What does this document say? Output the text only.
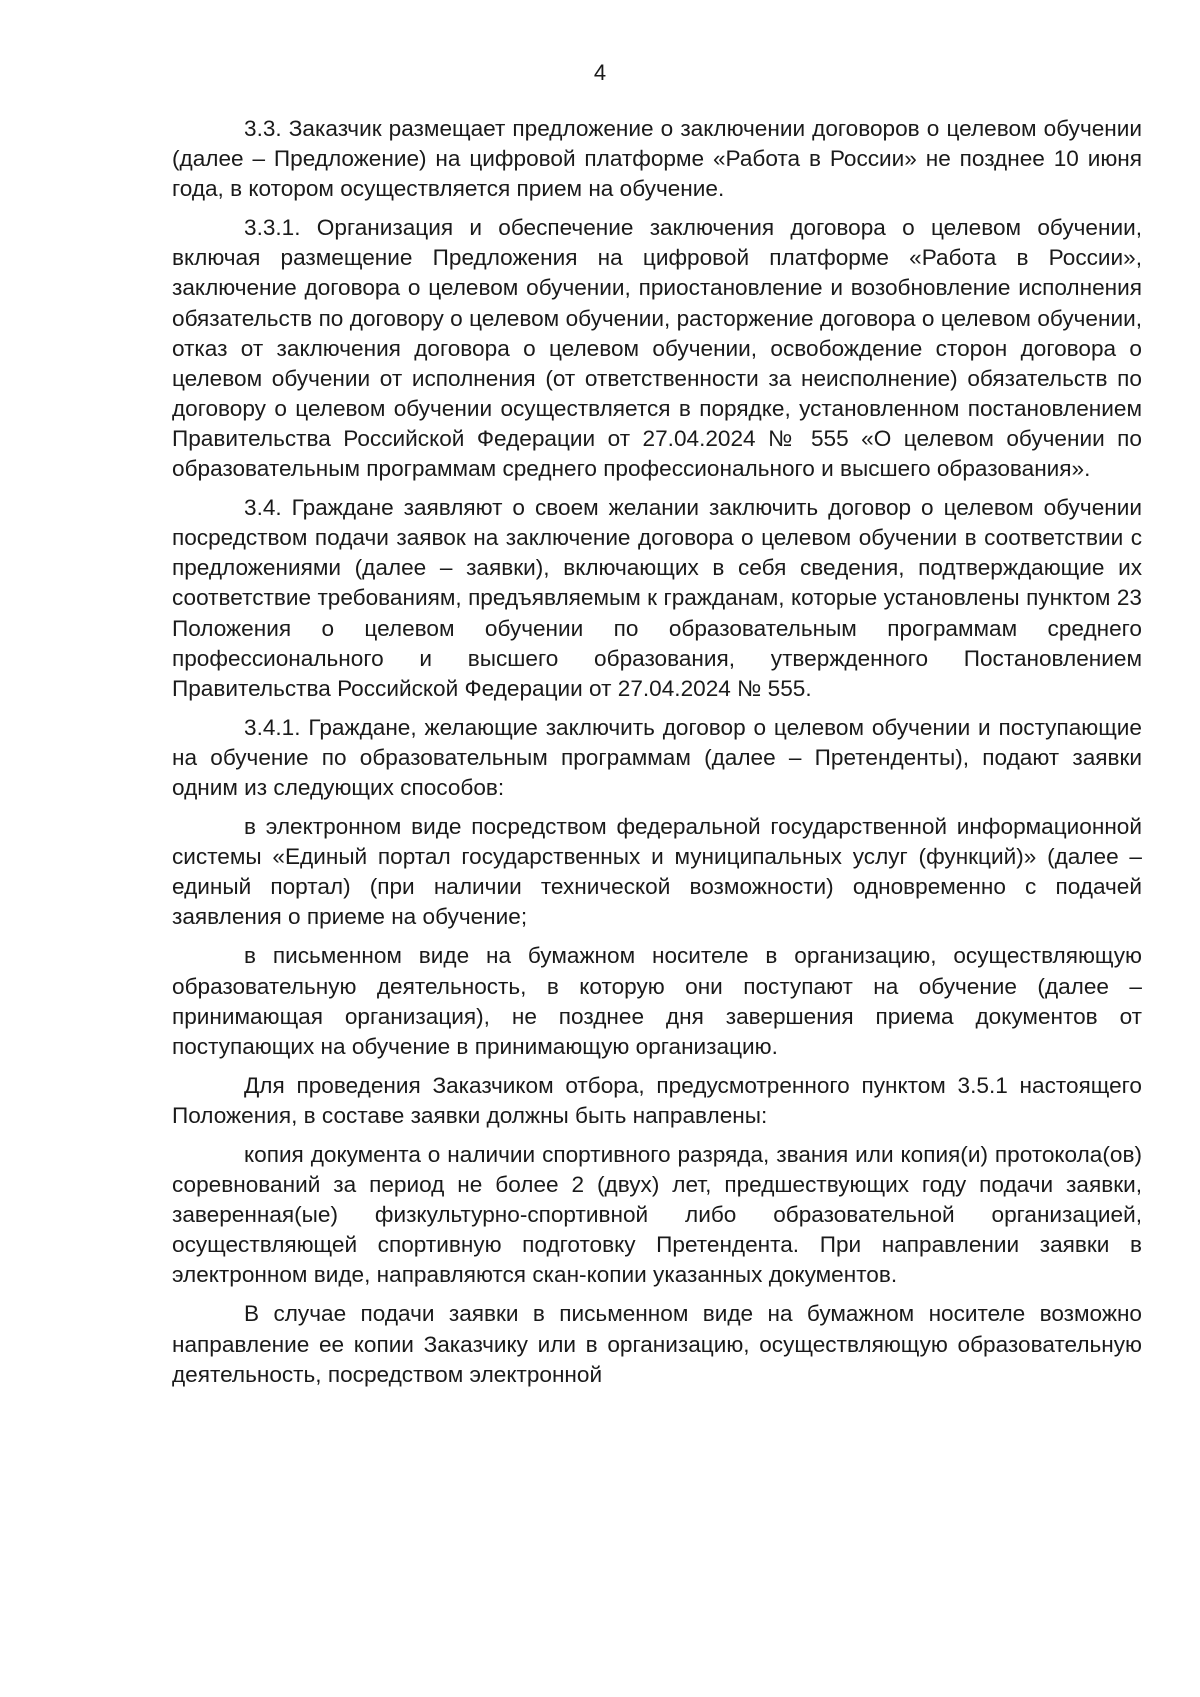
4

3.3. Заказчик размещает предложение о заключении договоров о целевом обучении (далее – Предложение) на цифровой платформе «Работа в России» не позднее 10 июня года, в котором осуществляется прием на обучение.

3.3.1. Организация и обеспечение заключения договора о целевом обучении, включая размещение Предложения на цифровой платформе «Работа в России», заключение договора о целевом обучении, приостановление и возобновление исполнения обязательств по договору о целевом обучении, расторжение договора о целевом обучении, отказ от заключения договора о целевом обучении, освобождение сторон договора о целевом обучении от исполнения (от ответственности за неисполнение) обязательств по договору о целевом обучении осуществляется в порядке, установленном постановлением Правительства Российской Федерации от 27.04.2024 № 555 «О целевом обучении по образовательным программам среднего профессионального и высшего образования».

3.4. Граждане заявляют о своем желании заключить договор о целевом обучении посредством подачи заявок на заключение договора о целевом обучении в соответствии с предложениями (далее – заявки), включающих в себя сведения, подтверждающие их соответствие требованиям, предъявляемым к гражданам, которые установлены пунктом 23 Положения о целевом обучении по образовательным программам среднего профессионального и высшего образования, утвержденного Постановлением Правительства Российской Федерации от 27.04.2024 № 555.

3.4.1. Граждане, желающие заключить договор о целевом обучении и поступающие на обучение по образовательным программам (далее – Претенденты), подают заявки одним из следующих способов:

в электронном виде посредством федеральной государственной информационной системы «Единый портал государственных и муниципальных услуг (функций)» (далее – единый портал) (при наличии технической возможности) одновременно с подачей заявления о приеме на обучение;

в письменном виде на бумажном носителе в организацию, осуществляющую образовательную деятельность, в которую они поступают на обучение (далее – принимающая организация), не позднее дня завершения приема документов от поступающих на обучение в принимающую организацию.

Для проведения Заказчиком отбора, предусмотренного пунктом 3.5.1 настоящего Положения, в составе заявки должны быть направлены:

копия документа о наличии спортивного разряда, звания или копия(и) протокола(ов) соревнований за период не более 2 (двух) лет, предшествующих году подачи заявки, заверенная(ые) физкультурно-спортивной либо образовательной организацией, осуществляющей спортивную подготовку Претендента. При направлении заявки в электронном виде, направляются скан-копии указанных документов.

В случае подачи заявки в письменном виде на бумажном носителе возможно направление ее копии Заказчику или в организацию, осуществляющую образовательную деятельность, посредством электронной
